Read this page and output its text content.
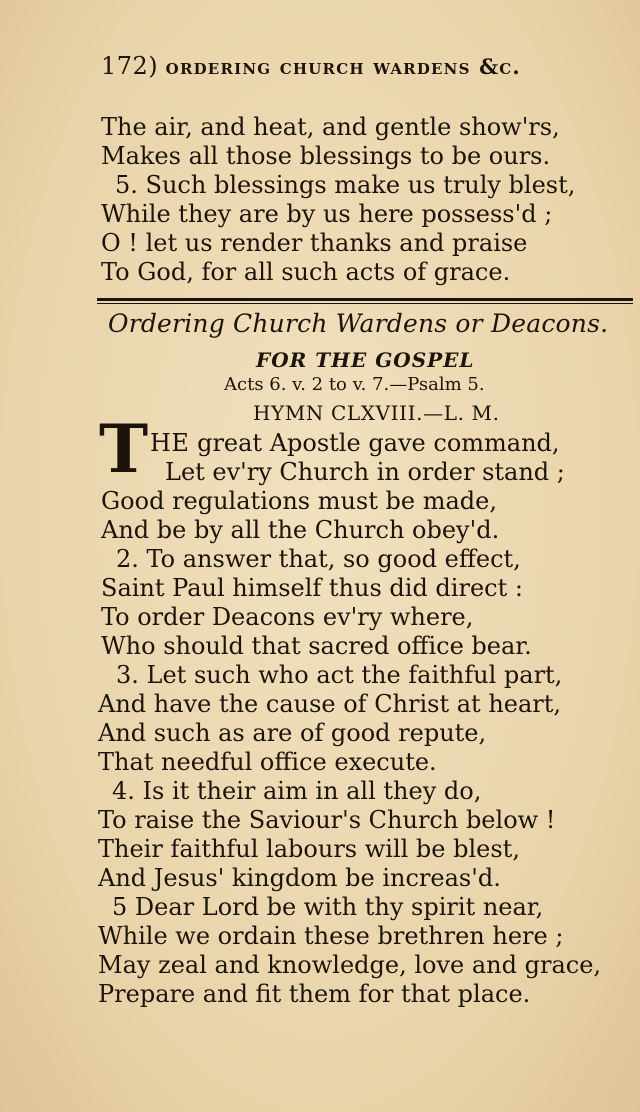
172) ordering church wardens &c.
The air, and heat, and gentle show'rs,
Makes all those blessings to be ours.
5. Such blessings make us truly blest,
While they are by us here possess'd ;
O ! let us render thanks and praise
To God, for all such acts of grace.
Ordering Church Wardens or Deacons.
FOR THE GOSPEL
Acts 6. v. 2 to v. 7.—Psalm 5.
HYMN CLXVIII.—L. M.
T HE great Apostle gave command,
Let ev'ry Church in order stand ;
Good regulations must be made,
And be by all the Church obey'd.
2. To answer that, so good effect,
Saint Paul himself thus did direct :
To order Deacons ev'ry where,
Who should that sacred office bear.
3. Let such who act the faithful part,
And have the cause of Christ at heart,
And such as are of good repute,
That needful office execute.
4. Is it their aim in all they do,
To raise the Saviour's Church below !
Their faithful labours will be blest,
And Jesus' kingdom be increas'd.
5 Dear Lord be with thy spirit near,
While we ordain these brethren here ;
May zeal and knowledge, love and grace,
Prepare and fit them for that place.
